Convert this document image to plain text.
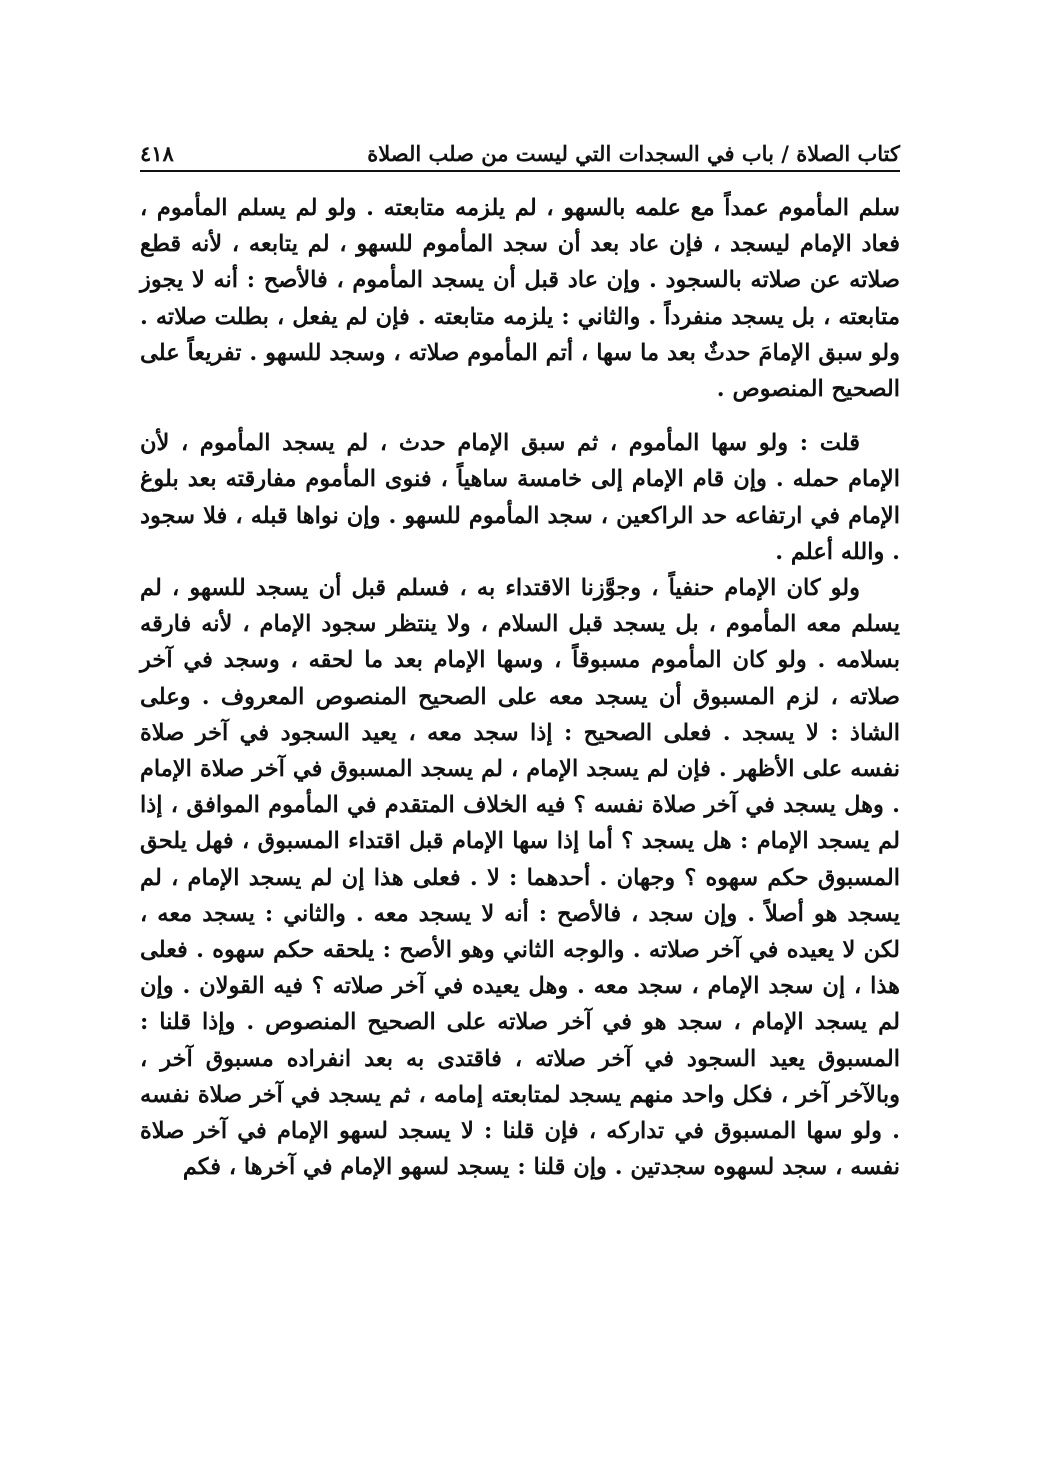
كتاب الصلاة / باب في السجدات التي ليست من صلب الصلاة
٤١٨

سلم المأموم عمداً مع علمه بالسهو ، لم يلزمه متابعته . ولو لم يسلم المأموم ، فعاد الإمام ليسجد ، فإن عاد بعد أن سجد المأموم للسهو ، لم يتابعه ، لأنه قطع صلاته عن صلاته بالسجود . وإن عاد قبل أن يسجد المأموم ، فالأصح : أنه لا يجوز متابعته ، بل يسجد منفرداً . والثاني : يلزمه متابعته . فإن لم يفعل ، بطلت صلاته . ولو سبق الإمامَ حدثٌ بعد ما سها ، أتم المأموم صلاته ، وسجد للسهو . تفريعاً على الصحيح المنصوص .

قلت : ولو سها المأموم ، ثم سبق الإمام حدث ، لم يسجد المأموم ، لأن الإمام حمله . وإن قام الإمام إلى خامسة ساهياً ، فنوى المأموم مفارقته بعد بلوغ الإمام في ارتفاعه حد الراكعين ، سجد المأموم للسهو . وإن نواها قبله ، فلا سجود . والله أعلم .

ولو كان الإمام حنفياً ، وجوَّزنا الاقتداء به ، فسلم قبل أن يسجد للسهو ، لم يسلم معه المأموم ، بل يسجد قبل السلام ، ولا ينتظر سجود الإمام ، لأنه فارقه بسلامه . ولو كان المأموم مسبوقاً ، وسها الإمام بعد ما لحقه ، وسجد في آخر صلاته ، لزم المسبوق أن يسجد معه على الصحيح المنصوص المعروف . وعلى الشاذ : لا يسجد . فعلى الصحيح : إذا سجد معه ، يعيد السجود في آخر صلاة نفسه على الأظهر . فإن لم يسجد الإمام ، لم يسجد المسبوق في آخر صلاة الإمام . وهل يسجد في آخر صلاة نفسه ؟ فيه الخلاف المتقدم في المأموم الموافق ، إذا لم يسجد الإمام : هل يسجد ؟ أما إذا سها الإمام قبل اقتداء المسبوق ، فهل يلحق المسبوق حكم سهوه ؟ وجهان . أحدهما : لا . فعلى هذا إن لم يسجد الإمام ، لم يسجد هو أصلاً . وإن سجد ، فالأصح : أنه لا يسجد معه . والثاني : يسجد معه ، لكن لا يعيده في آخر صلاته . والوجه الثاني وهو الأصح : يلحقه حكم سهوه . فعلى هذا ، إن سجد الإمام ، سجد معه . وهل يعيده في آخر صلاته ؟ فيه القولان . وإن لم يسجد الإمام ، سجد هو في آخر صلاته على الصحيح المنصوص . وإذا قلنا : المسبوق يعيد السجود في آخر صلاته ، فاقتدى به بعد انفراده مسبوق آخر ، وبالآخر آخر ، فكل واحد منهم يسجد لمتابعته إمامه ، ثم يسجد في آخر صلاة نفسه . ولو سها المسبوق في تداركه ، فإن قلنا : لا يسجد لسهو الإمام في آخر صلاة نفسه ، سجد لسهوه سجدتين . وإن قلنا : يسجد لسهو الإمام في آخرها ، فكم
